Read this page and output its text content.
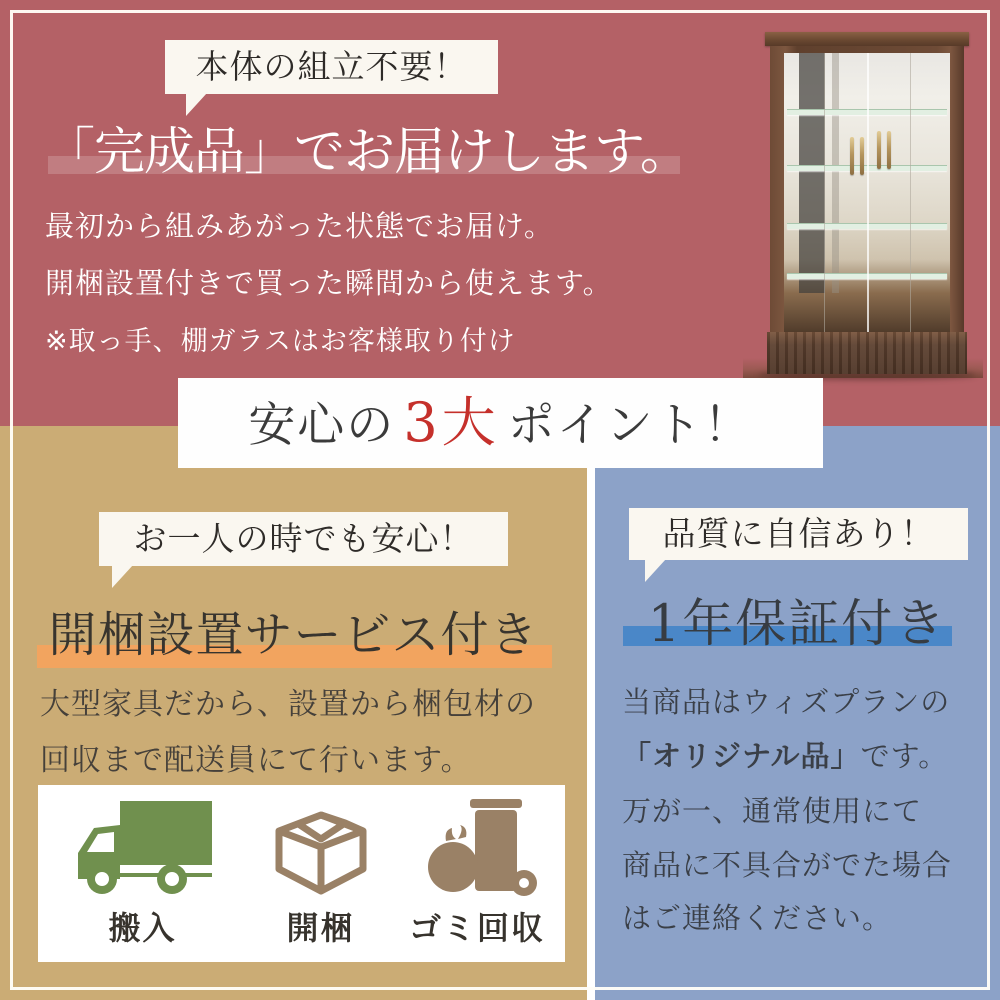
本体の組立不要！
「完成品」でお届けします。
最初から組みあがった状態でお届け。
開梱設置付きで買った瞬間から使えます。
※取っ手、棚ガラスはお客様取り付け
安心の 3大 ポイント！
お一人の時でも安心！
開梱設置サービス付き
大型家具だから、設置から梱包材の
回収まで配送員にて行います。
搬入	開梱	ゴミ回収
品質に自信あり！
1年保証付き
当商品はウィズプランの
「オリジナル品」です。
万が一、通常使用にて
商品に不具合がでた場合
はご連絡ください。
